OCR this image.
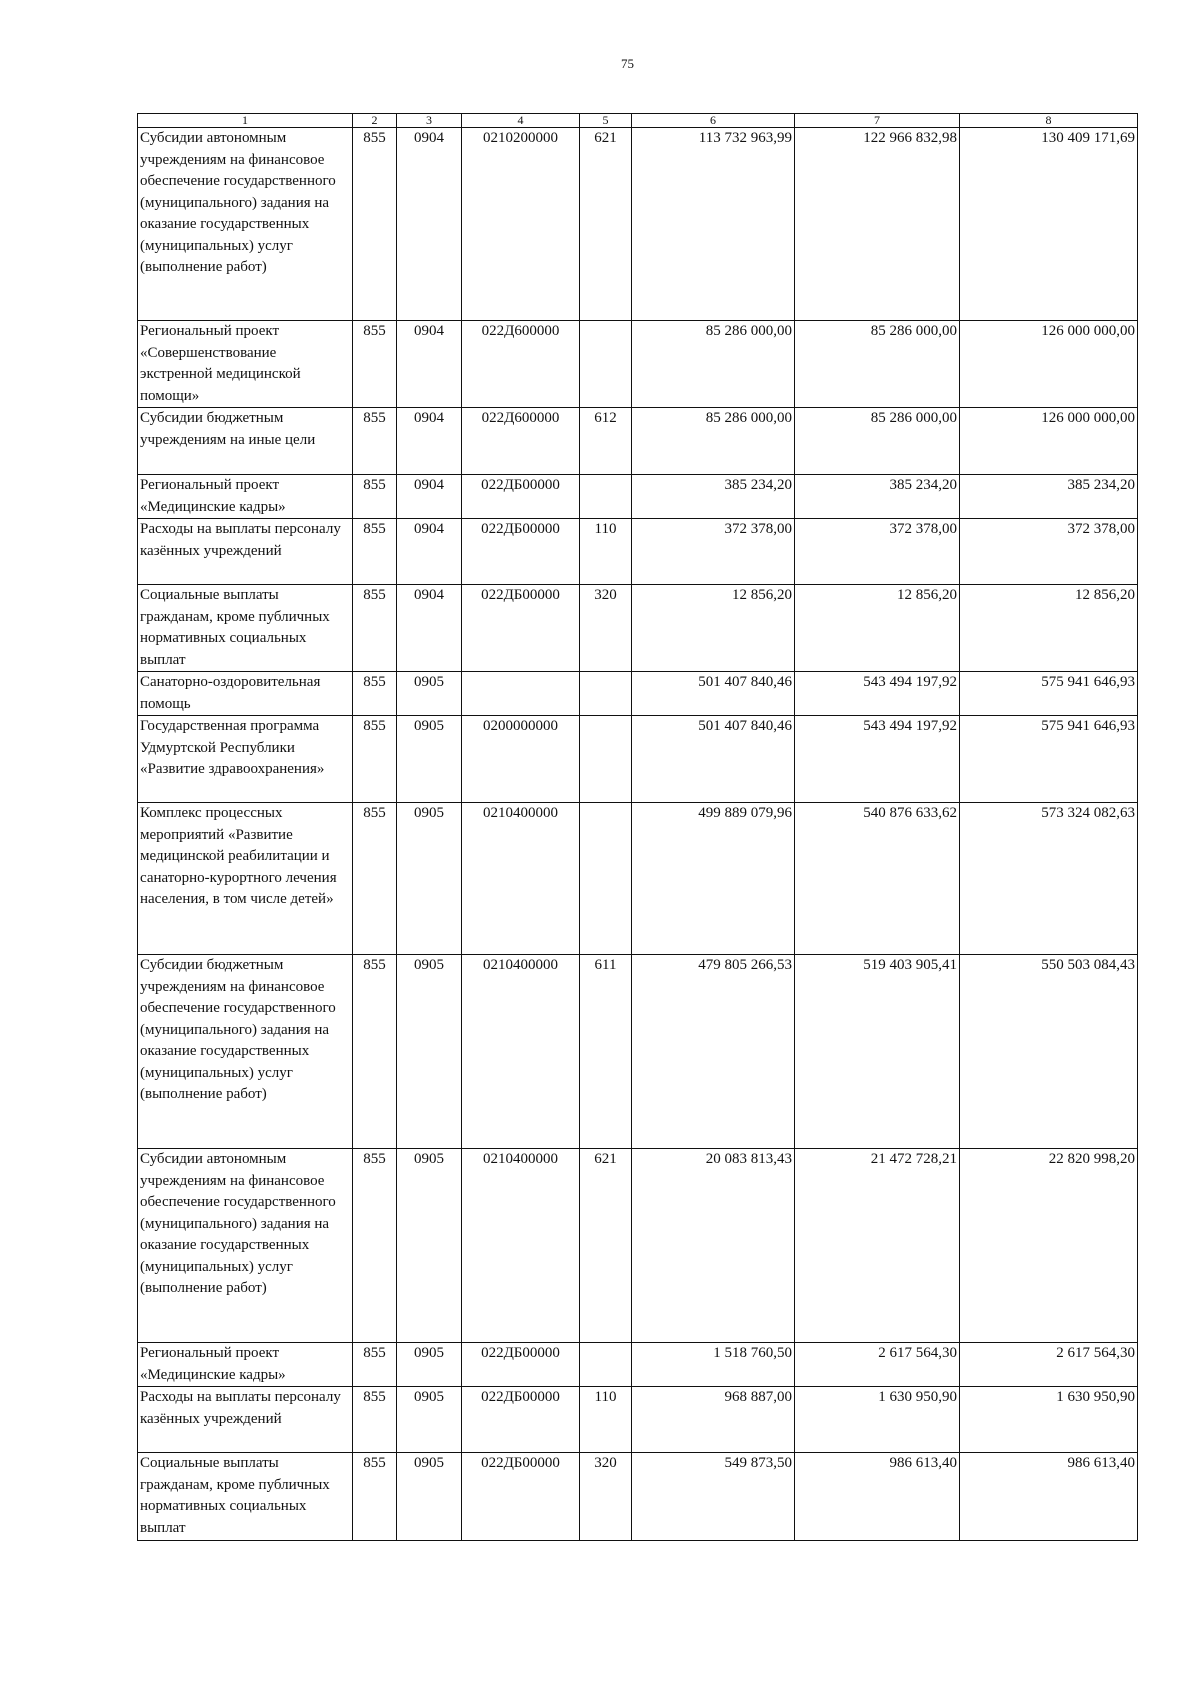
75
1	2	3	4	5	6	7	8
Субсидии автономным учреждениям на финансовое обеспечение государственного (муниципального) задания на оказание государственных (муниципальных) услуг (выполнение работ)	855	0904	0210200000	621	113 732 963,99	122 966 832,98	130 409 171,69
Региональный проект «Совершенствование экстренной медицинской помощи»	855	0904	022Д600000		85 286 000,00	85 286 000,00	126 000 000,00
Субсидии бюджетным учреждениям на иные цели	855	0904	022Д600000	612	85 286 000,00	85 286 000,00	126 000 000,00
Региональный проект «Медицинские кадры»	855	0904	022ДБ00000		385 234,20	385 234,20	385 234,20
Расходы на выплаты персоналу казённых учреждений	855	0904	022ДБ00000	110	372 378,00	372 378,00	372 378,00
Социальные выплаты гражданам, кроме публичных нормативных социальных выплат	855	0904	022ДБ00000	320	12 856,20	12 856,20	12 856,20
Санаторно-оздоровительная помощь	855	0905			501 407 840,46	543 494 197,92	575 941 646,93
Государственная программа Удмуртской Республики «Развитие здравоохранения»	855	0905	0200000000		501 407 840,46	543 494 197,92	575 941 646,93
Комплекс процессных мероприятий «Развитие медицинской реабилитации и санаторно-курортного лечения населения, в том числе детей»	855	0905	0210400000		499 889 079,96	540 876 633,62	573 324 082,63
Субсидии бюджетным учреждениям на финансовое обеспечение государственного (муниципального) задания на оказание государственных (муниципальных) услуг (выполнение работ)	855	0905	0210400000	611	479 805 266,53	519 403 905,41	550 503 084,43
Субсидии автономным учреждениям на финансовое обеспечение государственного (муниципального) задания на оказание государственных (муниципальных) услуг (выполнение работ)	855	0905	0210400000	621	20 083 813,43	21 472 728,21	22 820 998,20
Региональный проект «Медицинские кадры»	855	0905	022ДБ00000		1 518 760,50	2 617 564,30	2 617 564,30
Расходы на выплаты персоналу казённых учреждений	855	0905	022ДБ00000	110	968 887,00	1 630 950,90	1 630 950,90
Социальные выплаты гражданам, кроме публичных нормативных социальных выплат	855	0905	022ДБ00000	320	549 873,50	986 613,40	986 613,40
